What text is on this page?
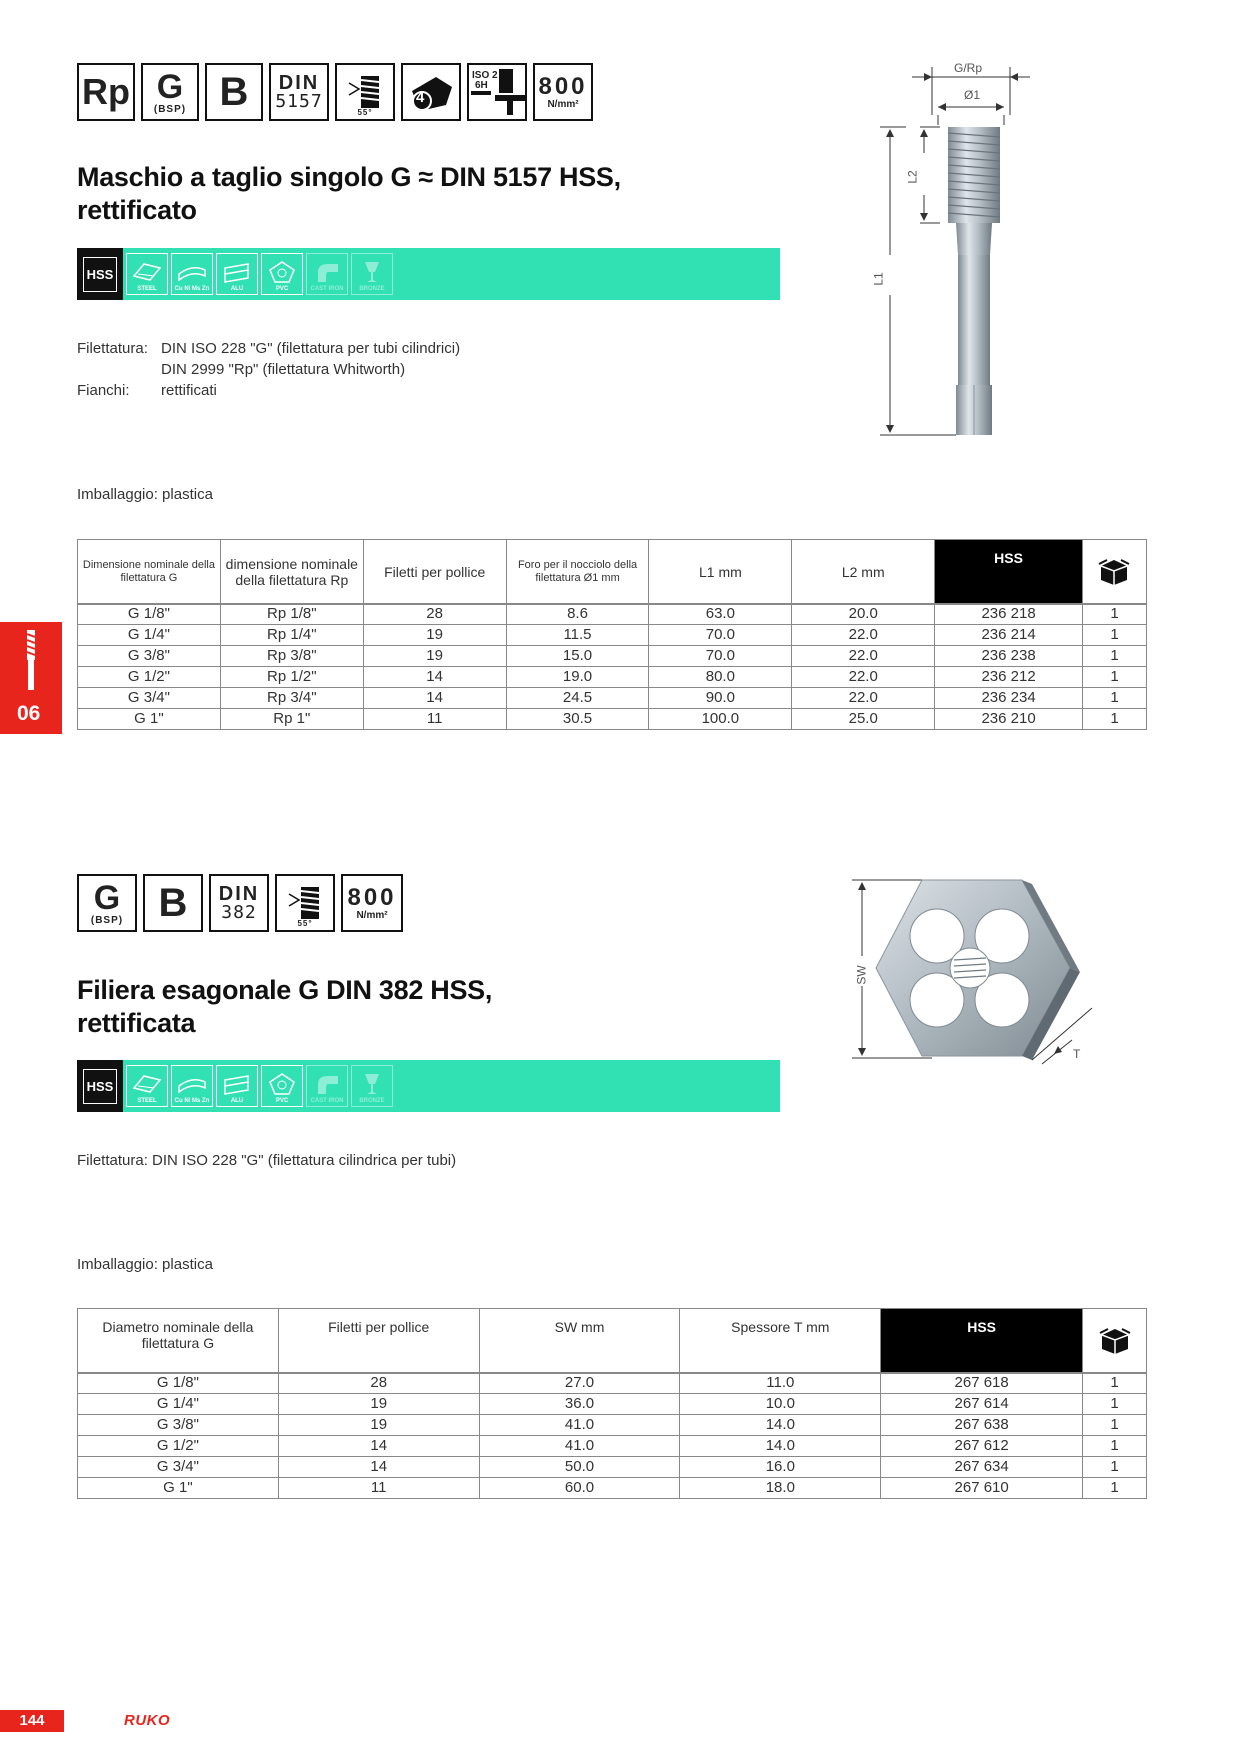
Rp G
(BSP) B DIN
5157
55°
4
ISO 2
6H 800
N/mm²
Maschio a taglio singolo G ≈ DIN 5157 HSS,
rettificato
HSS
STEEL	Cu Ni Ms Zn	ALU	PVC	CAST IRON	BRONZE
Filettatura: DIN ISO 228 "G" (filettatura per tubi cilindrici)
DIN 2999 "Rp" (filettatura Whitworth)
Fianchi: rettificati
Imballaggio: plastica
G/Rp
Ø1
L2
L1
Dimensione nominale della filettatura G	dimensione nominale della filettatura Rp	Filetti per pollice	Foro per il nocciolo della filettatura Ø1 mm	L1 mm	L2 mm	HSS	
G 1/8"	Rp 1/8"	28	8.6	63.0	20.0	236 218	1
G 1/4"	Rp 1/4"	19	11.5	70.0	22.0	236 214	1
G 3/8"	Rp 3/8"	19	15.0	70.0	22.0	236 238	1
G 1/2"	Rp 1/2"	14	19.0	80.0	22.0	236 212	1
G 3/4"	Rp 3/4"	14	24.5	90.0	22.0	236 234	1
G 1"	Rp 1"	11	30.5	100.0	25.0	236 210	1
06
G
(BSP) B DIN
382
55°
800
N/mm²
Filiera esagonale G DIN 382 HSS,
rettificata
HSS
STEEL	Cu Ni Ms Zn	ALU	PVC	CAST IRON	BRONZE
Filettatura: DIN ISO 228 "G" (filettatura cilindrica per tubi)
Imballaggio: plastica
SW
T
Diametro nominale della filettatura G	Filetti per pollice	SW mm	Spessore T mm	HSS	
G 1/8"	28	27.0	11.0	267 618	1
G 1/4"	19	36.0	10.0	267 614	1
G 3/8"	19	41.0	14.0	267 638	1
G 1/2"	14	41.0	14.0	267 612	1
G 3/4"	14	50.0	16.0	267 634	1
G 1"	11	60.0	18.0	267 610	1
144	RUKO
